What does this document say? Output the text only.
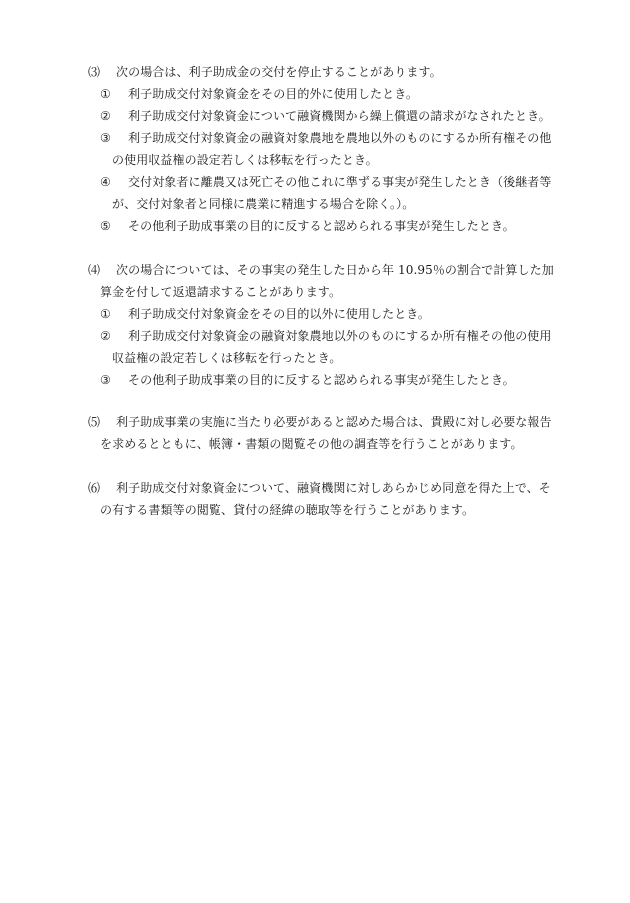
⑶ 次の場合は、利子助成金の交付を停止することがあります。
① 利子助成交付対象資金をその目的外に使用したとき。
② 利子助成交付対象資金について融資機関から繰上償還の請求がなされたとき。
③ 利子助成交付対象資金の融資対象農地を農地以外のものにするか所有権その他
の使用収益権の設定若しくは移転を行ったとき。
④ 交付対象者に離農又は死亡その他これに準ずる事実が発生したとき（後継者等
が、交付対象者と同様に農業に精進する場合を除く。）。
⑤ その他利子助成事業の目的に反すると認められる事実が発生したとき。
⑷ 次の場合については、その事実の発生した日から年 10.95％の割合で計算した加
算金を付して返還請求することがあります。
① 利子助成交付対象資金をその目的以外に使用したとき。
② 利子助成交付対象資金の融資対象農地以外のものにするか所有権その他の使用
収益権の設定若しくは移転を行ったとき。
③ その他利子助成事業の目的に反すると認められる事実が発生したとき。
⑸ 利子助成事業の実施に当たり必要があると認めた場合は、貴殿に対し必要な報告
を求めるとともに、帳簿・書類の閲覧その他の調査等を行うことがあります。
⑹ 利子助成交付対象資金について、融資機関に対しあらかじめ同意を得た上で、そ
の有する書類等の閲覧、貸付の経緯の聴取等を行うことがあります。
